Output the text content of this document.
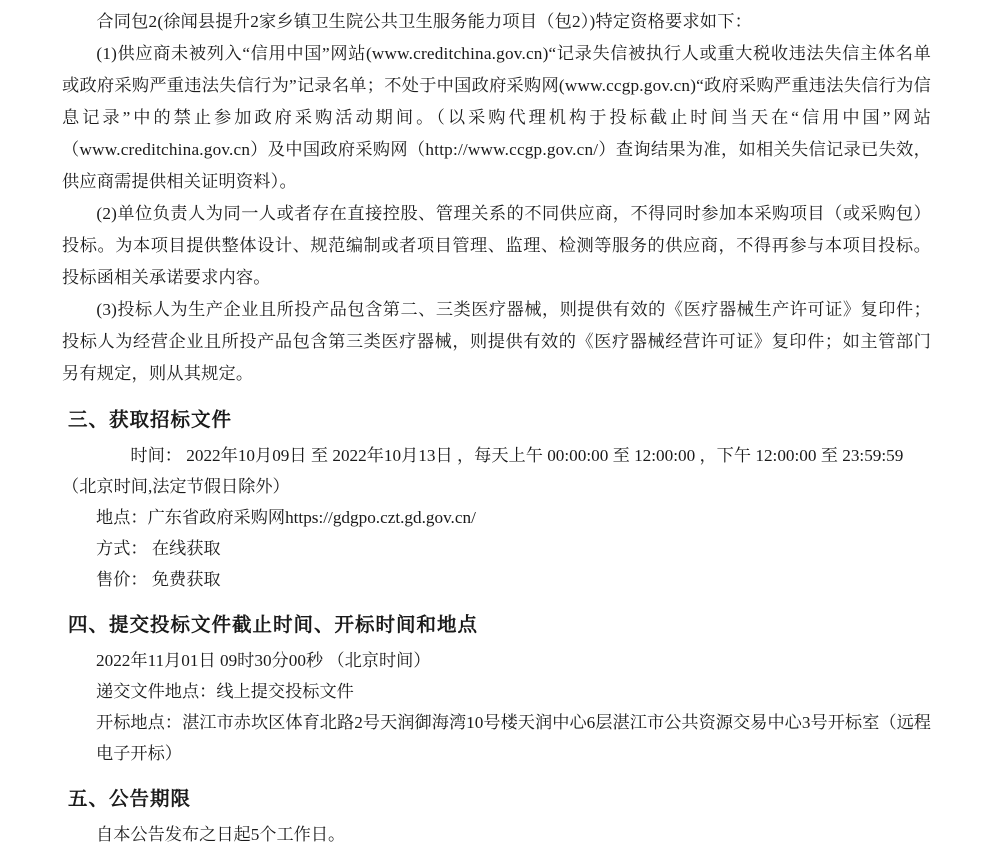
合同包2(徐闻县提升2家乡镇卫生院公共卫生服务能力项目（包2）)特定资格要求如下：

(1)供应商未被列入“信用中国”网站(www.creditchina.gov.cn)“记录失信被执行人或重大税收违法失信主体名单或政府采购严重违法失信行为”记录名单；不处于中国政府采购网(www.ccgp.gov.cn)“政府采购严重违法失信行为信息记录”中的禁止参加政府采购活动期间。（以采购代理机构于投标截止时间当天在“信用中国”网站（www.creditchina.gov.cn）及中国政府采购网（http://www.ccgp.gov.cn/）查询结果为准，如相关失信记录已失效，供应商需提供相关证明资料）。

(2)单位负责人为同一人或者存在直接控股、管理关系的不同供应商，不得同时参加本采购项目（或采购包）投标。为本项目提供整体设计、规范编制或者项目管理、监理、检测等服务的供应商，不得再参与本项目投标。投标函相关承诺要求内容。

(3)投标人为生产企业且所投产品包含第二、三类医疗器械，则提供有效的《医疗器械生产许可证》复印件；投标人为经营企业且所投产品包含第三类医疗器械，则提供有效的《医疗器械经营许可证》复印件；如主管部门另有规定，则从其规定。

三、获取招标文件

时间： 2022年10月09日 至 2022年10月13日 ，每天上午 00:00:00 至 12:00:00 ，下午 12:00:00 至 23:59:59

（北京时间,法定节假日除外）

地点：广东省政府采购网https://gdgpo.czt.gd.gov.cn/

方式： 在线获取

售价： 免费获取

四、提交投标文件截止时间、开标时间和地点

2022年11月01日 09时30分00秒 （北京时间）

递交文件地点：线上提交投标文件

开标地点：湛江市赤坎区体育北路2号天润御海湾10号楼天润中心6层湛江市公共资源交易中心3号开标室（远程电子开标）

五、公告期限

自本公告发布之日起5个工作日。
